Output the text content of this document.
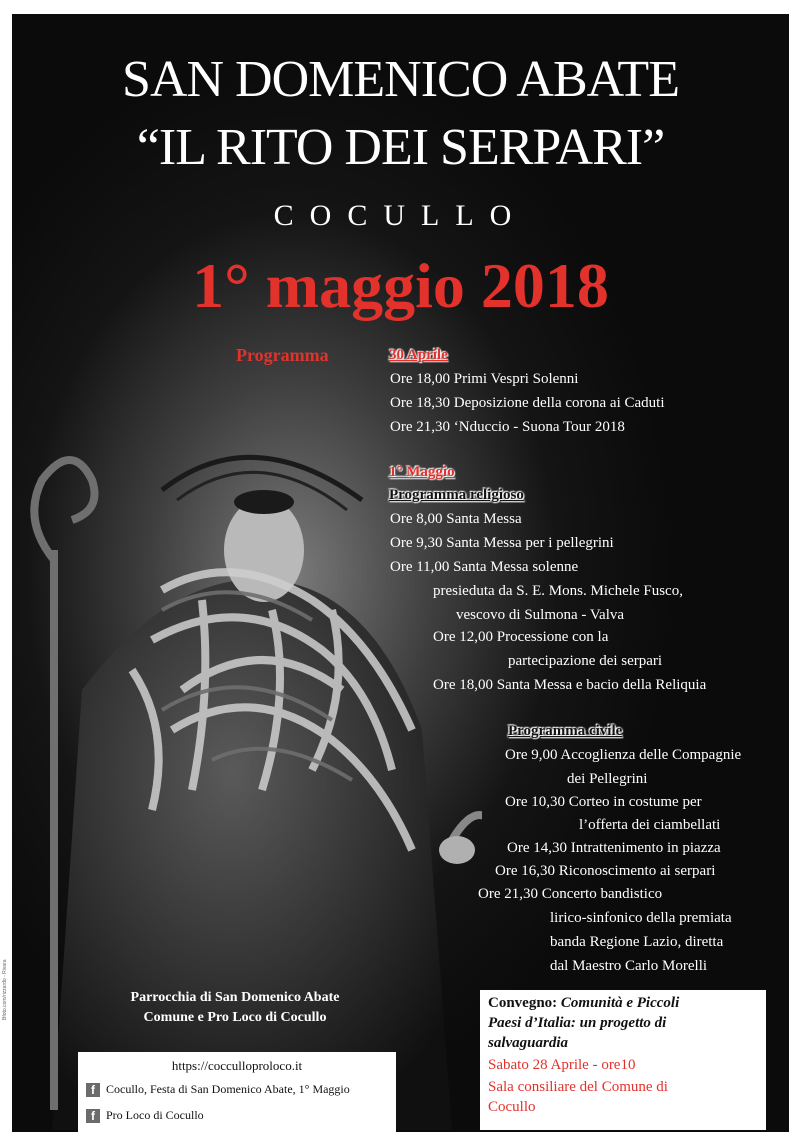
SAN DOMENICO ABATE
“IL RITO DEI SERPARI”
COCULLO
1° maggio 2018
Programma	30 Aprile
Ore 18,00 Primi Vespri Solenni
Ore 18,30 Deposizione della corona ai Caduti
Ore 21,30 ‘Nduccio - Suona Tour 2018
1° Maggio
Programma religioso
Ore 8,00 Santa Messa
Ore 9,30 Santa Messa per i pellegrini
Ore 11,00 Santa Messa solenne
presieduta da S. E. Mons. Michele Fusco,
vescovo di Sulmona - Valva
Ore 12,00 Processione con la
partecipazione dei serpari
Ore 18,00 Santa Messa e bacio della Reliquia
Programma civile
Ore 9,00 Accoglienza delle Compagnie
dei Pellegrini
Ore 10,30 Corteo in costume per
l’offerta dei ciambellati
Ore 14,30 Intrattenimento in piazza
Ore 16,30 Riconoscimento ai serpari
Ore 21,30 Concerto bandistico
lirico-sinfonico della premiata
banda Regione Lazio, diretta
dal Maestro Carlo Morelli
Parrocchia di San Domenico Abate
Comune e Pro Loco di Cocullo
https://cocculloproloco.it
f Cocullo, Festa di San Domenico Abate, 1° Maggio
f Pro Loco di Cocullo
Convegno: Comunità e Piccoli
Paesi d’Italia: un progetto di
salvaguardia
Sabato 28 Aprile - ore10
Sala consiliare del Comune di
Cocullo
Bfoto.com/rizzardo - Rivara
